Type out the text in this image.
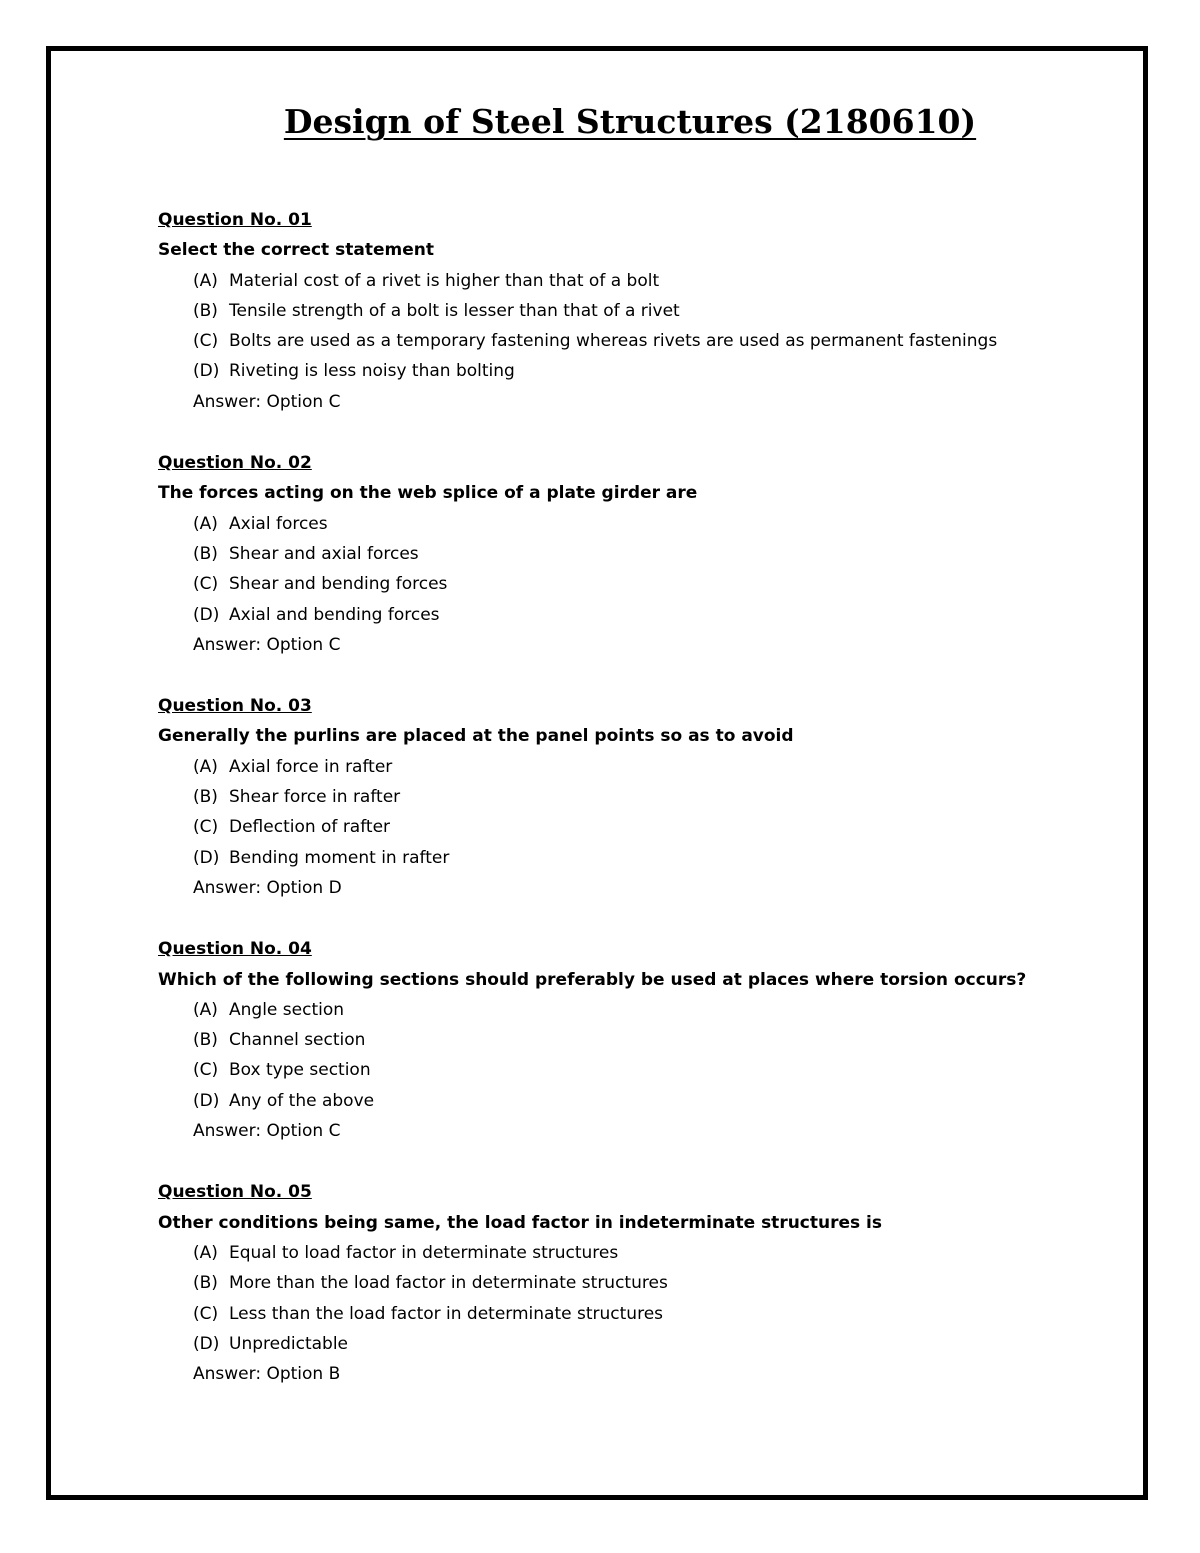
Design of Steel Structures (2180610)
Question No. 01
Select the correct statement
(A) Material cost of a rivet is higher than that of a bolt
(B) Tensile strength of a bolt is lesser than that of a rivet
(C) Bolts are used as a temporary fastening whereas rivets are used as permanent fastenings
(D) Riveting is less noisy than bolting
Answer: Option C
Question No. 02
The forces acting on the web splice of a plate girder are
(A) Axial forces
(B) Shear and axial forces
(C) Shear and bending forces
(D) Axial and bending forces
Answer: Option C
Question No. 03
Generally the purlins are placed at the panel points so as to avoid
(A) Axial force in rafter
(B) Shear force in rafter
(C) Deflection of rafter
(D) Bending moment in rafter
Answer: Option D
Question No. 04
Which of the following sections should preferably be used at places where torsion occurs?
(A) Angle section
(B) Channel section
(C) Box type section
(D) Any of the above
Answer: Option C
Question No. 05
Other conditions being same, the load factor in indeterminate structures is
(A) Equal to load factor in determinate structures
(B) More than the load factor in determinate structures
(C) Less than the load factor in determinate structures
(D) Unpredictable
Answer: Option B
